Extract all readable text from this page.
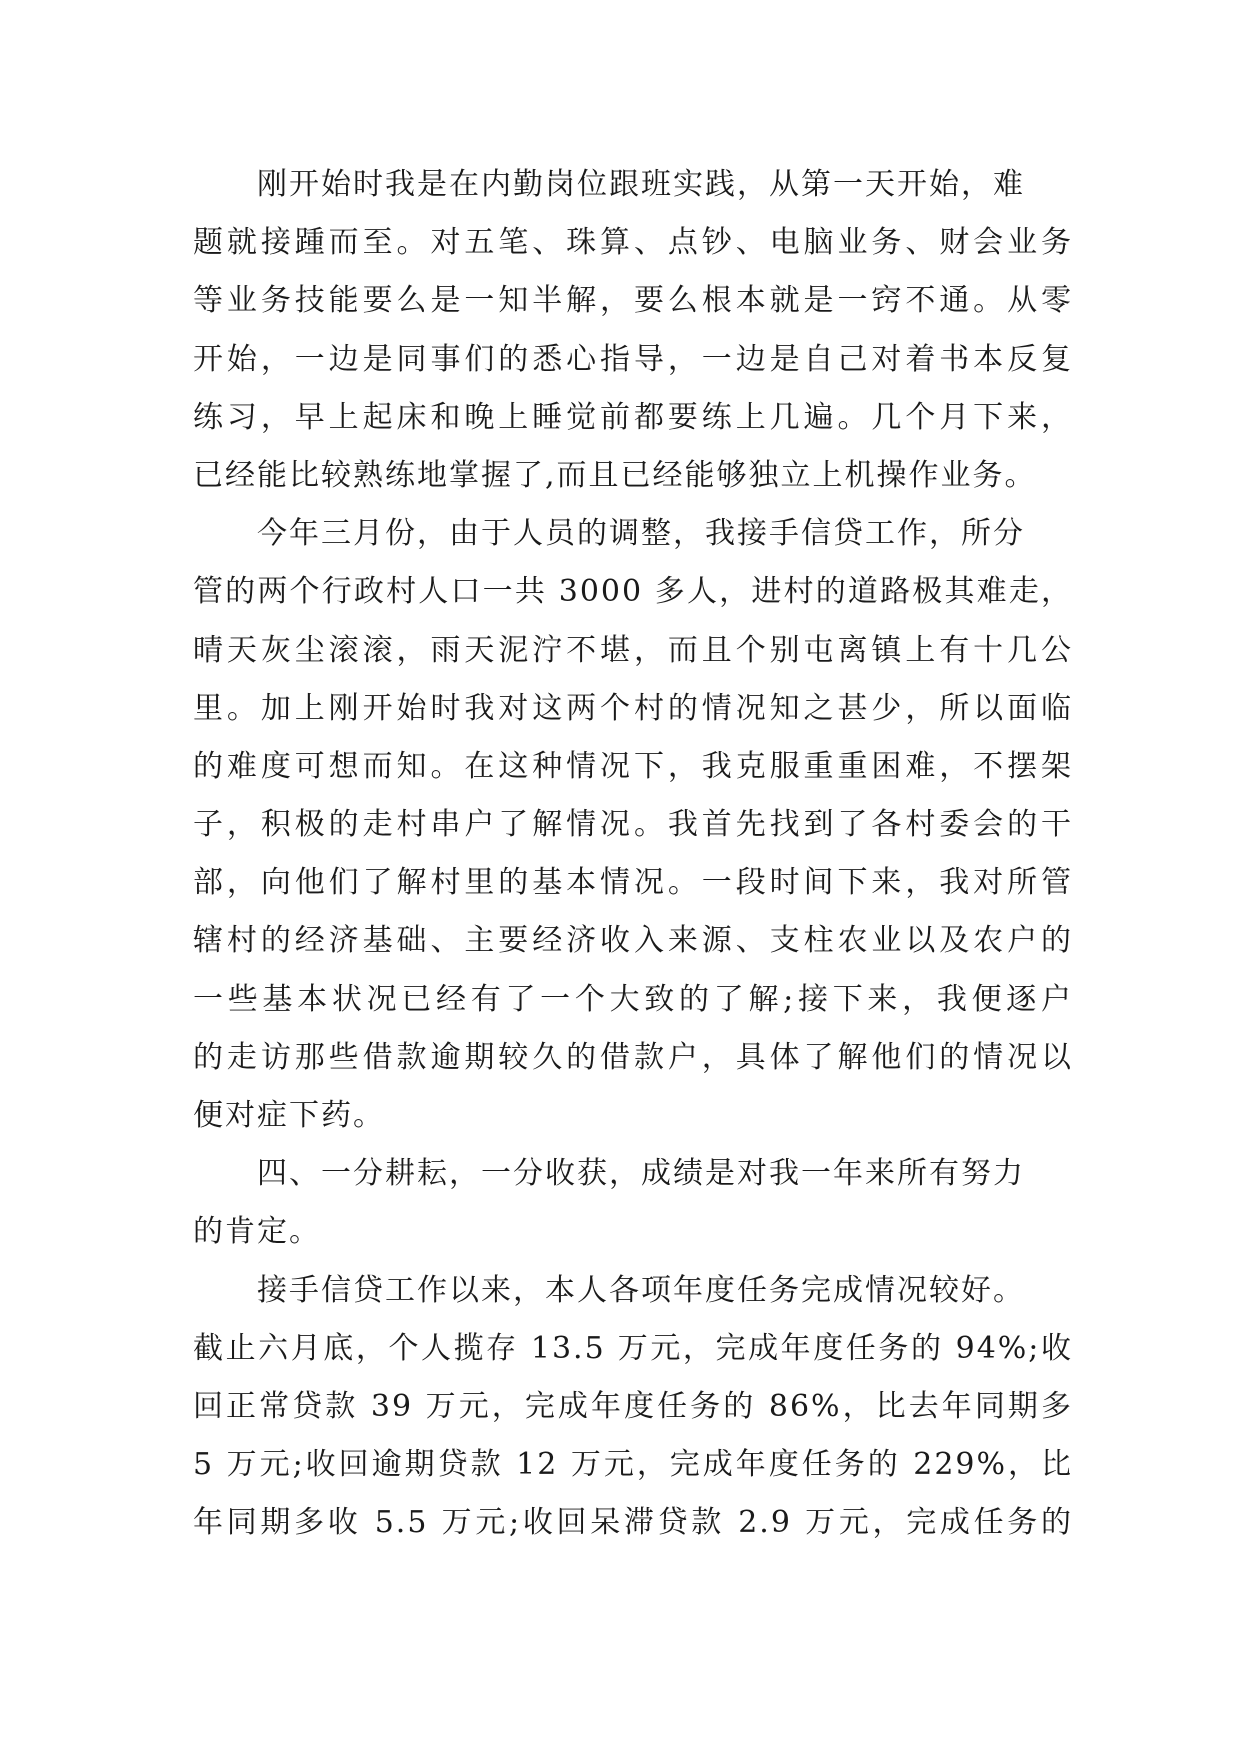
刚开始时我是在内勤岗位跟班实践，从第一天开始，难
题就接踵而至。对五笔、珠算、点钞、电脑业务、财会业务
等业务技能要么是一知半解，要么根本就是一窍不通。从零
开始，一边是同事们的悉心指导，一边是自己对着书本反复
练习，早上起床和晚上睡觉前都要练上几遍。几个月下来，
已经能比较熟练地掌握了,而且已经能够独立上机操作业务。
今年三月份，由于人员的调整，我接手信贷工作，所分
管的两个行政村人口一共 3000 多人，进村的道路极其难走，
晴天灰尘滚滚，雨天泥泞不堪，而且个别屯离镇上有十几公
里。加上刚开始时我对这两个村的情况知之甚少，所以面临
的难度可想而知。在这种情况下，我克服重重困难，不摆架
子，积极的走村串户了解情况。我首先找到了各村委会的干
部，向他们了解村里的基本情况。一段时间下来，我对所管
辖村的经济基础、主要经济收入来源、支柱农业以及农户的
一些基本状况已经有了一个大致的了解;接下来，我便逐户
的走访那些借款逾期较久的借款户，具体了解他们的情况以
便对症下药。
四、一分耕耘，一分收获，成绩是对我一年来所有努力
的肯定。
接手信贷工作以来，本人各项年度任务完成情况较好。
截止六月底，个人揽存 13.5 万元，完成年度任务的 94%;收
回正常贷款 39 万元，完成年度任务的 86%，比去年同期多
5 万元;收回逾期贷款 12 万元，完成年度任务的 229%，比
年同期多收 5.5 万元;收回呆滞贷款 2.9 万元，完成任务的
